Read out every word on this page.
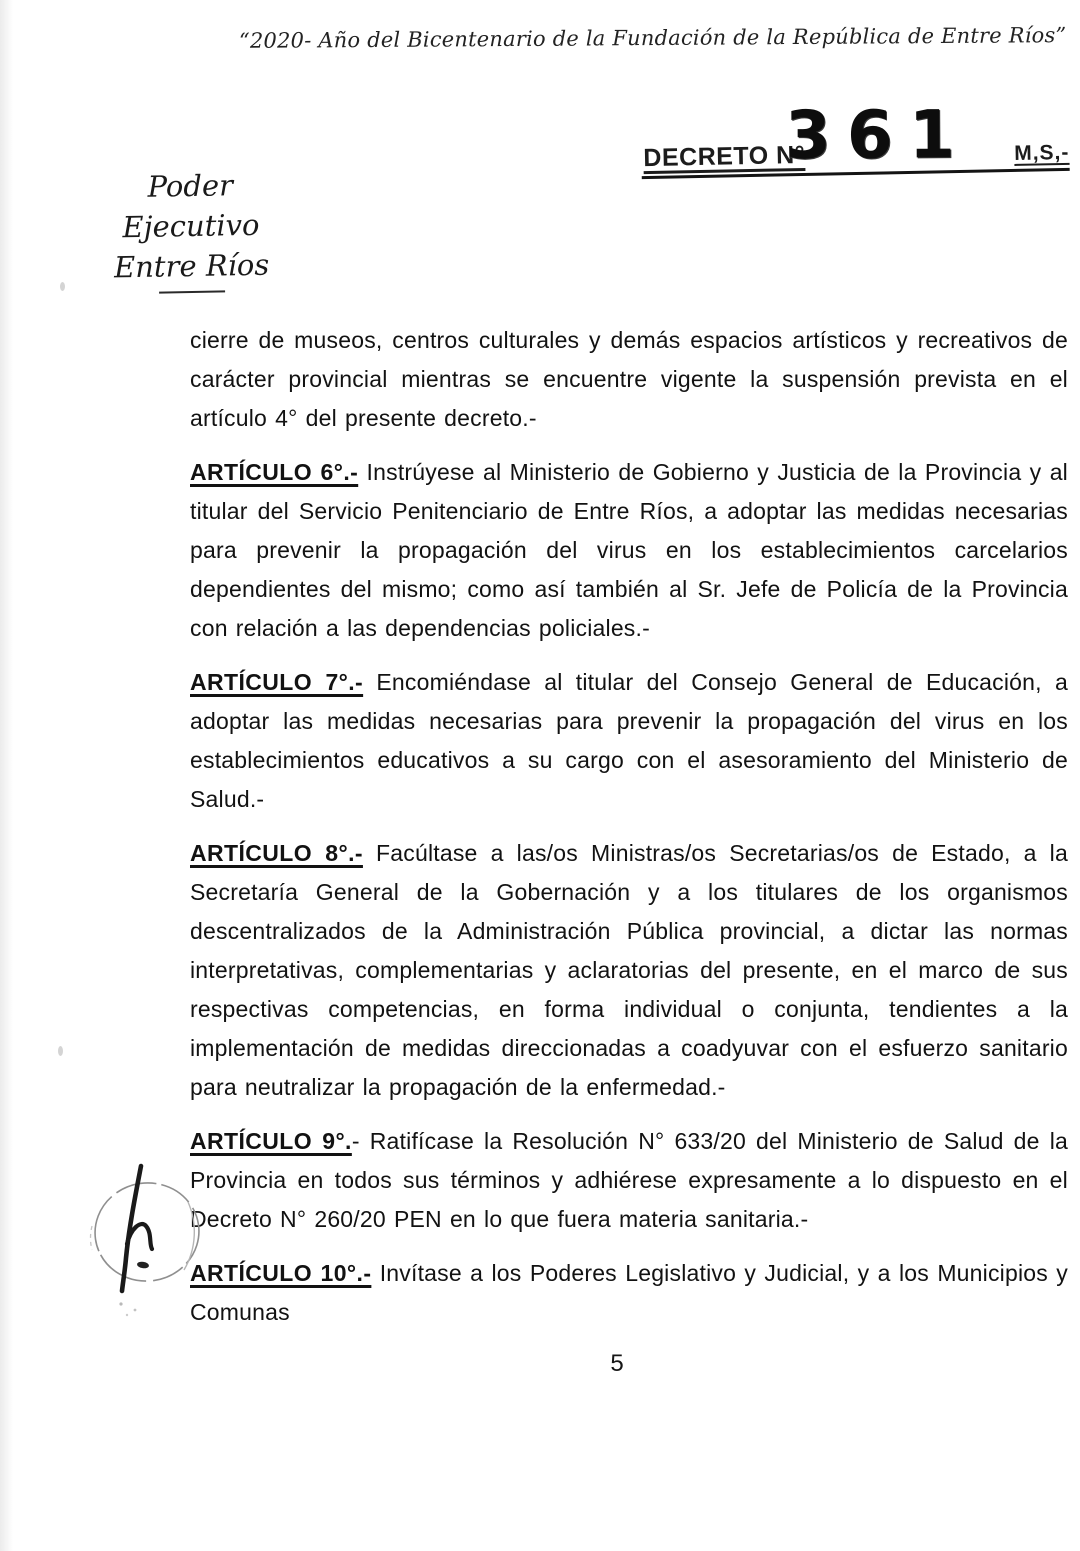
“2020- Año del Bicentenario de la Fundación de la República de Entre Ríos”
DECRETO N°
361 M,S,-
Poder Ejecutivo
Entre Ríos

cierre de museos, centros culturales y demás espacios artísticos y recreativos de carácter provincial mientras se encuentre vigente la suspensión prevista en el artículo 4° del presente decreto.-

ARTÍCULO 6°.- Instrúyese al Ministerio de Gobierno y Justicia de la Provincia y al titular del Servicio Penitenciario de Entre Ríos, a adoptar las medidas necesarias para prevenir la propagación del virus en los establecimientos carcelarios dependientes del mismo; como así también al Sr. Jefe de Policía de la Provincia con relación a las dependencias policiales.-

ARTÍCULO 7°.- Encomiéndase al titular del Consejo General de Educación, a adoptar las medidas necesarias para prevenir la propagación del virus en los establecimientos educativos a su cargo con el asesoramiento del Ministerio de Salud.-

ARTÍCULO 8°.- Facúltase a las/os Ministras/os Secretarias/os de Estado, a la Secretaría General de la Gobernación y a los titulares de los organismos descentralizados de la Administración Pública provincial, a dictar las normas interpretativas, complementarias y aclaratorias del presente, en el marco de sus respectivas competencias, en forma individual o conjunta, tendientes a la implementación de medidas direccionadas a coadyuvar con el esfuerzo sanitario para neutralizar la propagación de la enfermedad.-

ARTÍCULO 9°.- Ratifícase la Resolución N° 633/20 del Ministerio de Salud de la Provincia en todos sus términos y adhiérese expresamente a lo dispuesto en el Decreto N° 260/20 PEN en lo que fuera materia sanitaria.-

ARTÍCULO 10°.- Invítase a los Poderes Legislativo y Judicial, y a los Municipios y Comunas

5
